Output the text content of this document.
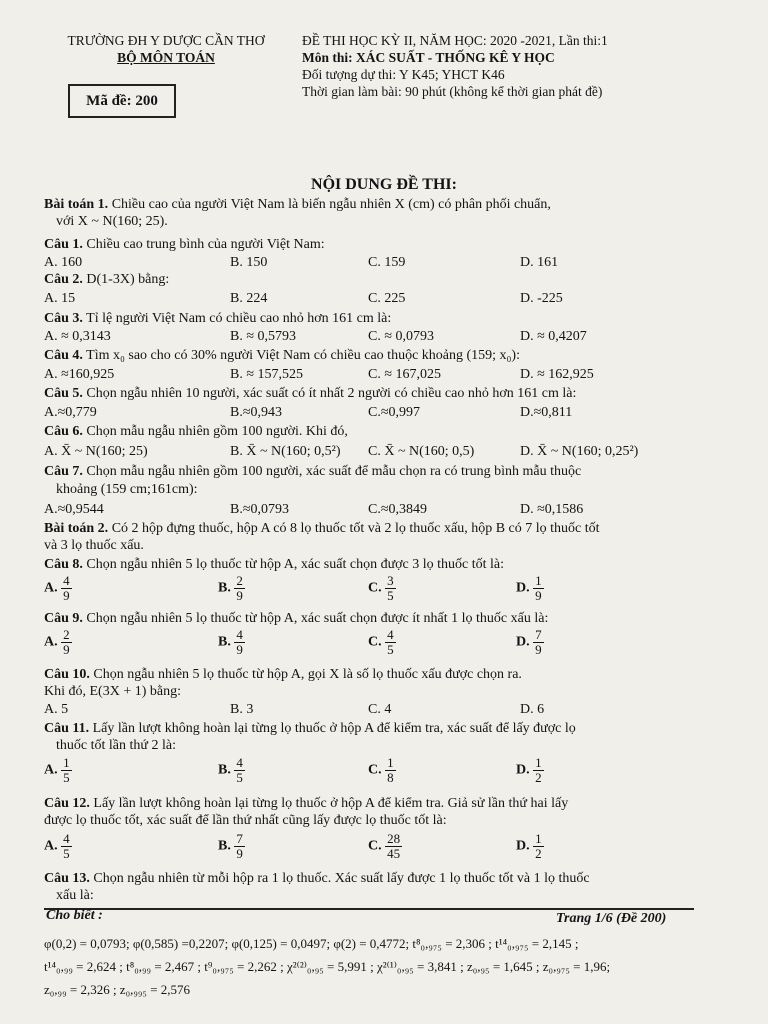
TRƯỜNG ĐH Y DƯỢC CẦN THƠ
BỘ MÔN TOÁN
Mã đề: 200
ĐỀ THI HỌC KỲ II, NĂM HỌC: 2020 -2021, Lần thi:1
Môn thi: XÁC SUẤT - THỐNG KÊ Y HỌC
Đối tượng dự thi: Y K45; YHCT K46
Thời gian làm bài: 90 phút (không kể thời gian phát đề)
NỘI DUNG ĐỀ THI:
Bài toán 1. Chiều cao của người Việt Nam là biến ngẫu nhiên X (cm) có phân phối chuẩn,
với X ~ N(160; 25).
Câu 1. Chiều cao trung bình của người Việt Nam:
A. 160	B. 150	C. 159	D. 161
Câu 2. D(1-3X) bằng:
A. 15	B. 224	C. 225	D. -225
Câu 3. Tỉ lệ người Việt Nam có chiều cao nhỏ hơn 161 cm là:
A. ≈ 0,3143	B. ≈ 0,5793	C. ≈ 0,0793	D. ≈ 0,4207
Câu 4. Tìm x₀ sao cho có 30% người Việt Nam có chiều cao thuộc khoảng (159; x₀):
A. ≈160,925	B. ≈ 157,525	C. ≈ 167,025	D. ≈ 162,925
Câu 5. Chọn ngẫu nhiên 10 người, xác suất có ít nhất 2 người có chiều cao nhỏ hơn 161 cm là:
A.≈0,779	B.≈0,943	C.≈0,997	D.≈0,811
Câu 6. Chọn mẫu ngẫu nhiên gồm 100 người. Khi đó,
A. X̄ ~ N(160; 25)	B. X̄ ~ N(160; 0,5²) C. X̄ ~ N(160; 0,5)	D. X̄ ~ N(160; 0,25²)
Câu 7. Chọn mẫu ngẫu nhiên gồm 100 người, xác suất để mẫu chọn ra có trung bình mẫu thuộc
khoảng (159 cm;161cm):
A.≈0,9544	B.≈0,0793	C.≈0,3849	D. ≈0,1586
Bài toán 2. Có 2 hộp đựng thuốc, hộp A có 8 lọ thuốc tốt và 2 lọ thuốc xấu, hộp B có 7 lọ thuốc tốt
và 3 lọ thuốc xấu.
Câu 8. Chọn ngẫu nhiên 5 lọ thuốc từ hộp A, xác suất chọn được 3 lọ thuốc tốt là:
A. $\frac{4}{9}$	B. $\frac{2}{9}$	C. $\frac{3}{5}$	D. $\frac{1}{9}$
Câu 9. Chọn ngẫu nhiên 5 lọ thuốc từ hộp A, xác suất chọn được ít nhất 1 lọ thuốc xấu là:
A. $\frac{2}{9}$	B. $\frac{4}{9}$	C. $\frac{4}{5}$	D. $\frac{7}{9}$
Câu 10. Chọn ngẫu nhiên 5 lọ thuốc từ hộp A, gọi X là số lọ thuốc xấu được chọn ra.
Khi đó, E(3X + 1) bằng:
A. 5	B. 3	C. 4	D. 6
Câu 11. Lấy lần lượt không hoàn lại từng lọ thuốc ở hộp A để kiểm tra, xác suất để lấy được lọ
thuốc tốt lần thứ 2 là:
A. $\frac{1}{5}$	B. $\frac{4}{5}$	C. $\frac{1}{8}$	D. $\frac{1}{2}$
Câu 12. Lấy lần lượt không hoàn lại từng lọ thuốc ở hộp A để kiểm tra. Giả sử lần thứ hai lấy
được lọ thuốc tốt, xác suất để lần thứ nhất cũng lấy được lọ thuốc tốt là:
A. $\frac{4}{5}$	B. $\frac{7}{9}$	C. $\frac{28}{45}$	D. $\frac{1}{2}$
Câu 13. Chọn ngẫu nhiên từ mỗi hộp ra 1 lọ thuốc. Xác suất lấy được 1 lọ thuốc tốt và 1 lọ thuốc
xấu là:
Cho biết :	Trang 1/6 (Đề 200)
φ(0,2) = 0,0793; φ(0,585) =0,2207; φ(0,125) = 0,0497; φ(2) = 0,4772; t⁸₀,₉₇₅ = 2,306 ; t¹⁴₀,₉₇₅ = 2,145 ;
t¹⁴₀,₉₉ = 2,624 ; t⁸₀,₉₉ = 2,467 ; t⁹₀,₉₇₅ = 2,262 ; χ²⁽²⁾₀,₉₅ = 5,991 ; χ²⁽¹⁾₀,₉₅ = 3,841 ; z₀,₉₅ = 1,645 ; z₀,₉₇₅ = 1,96;
z₀,₉₉ = 2,326 ; z₀,₉₉₅ = 2,576
